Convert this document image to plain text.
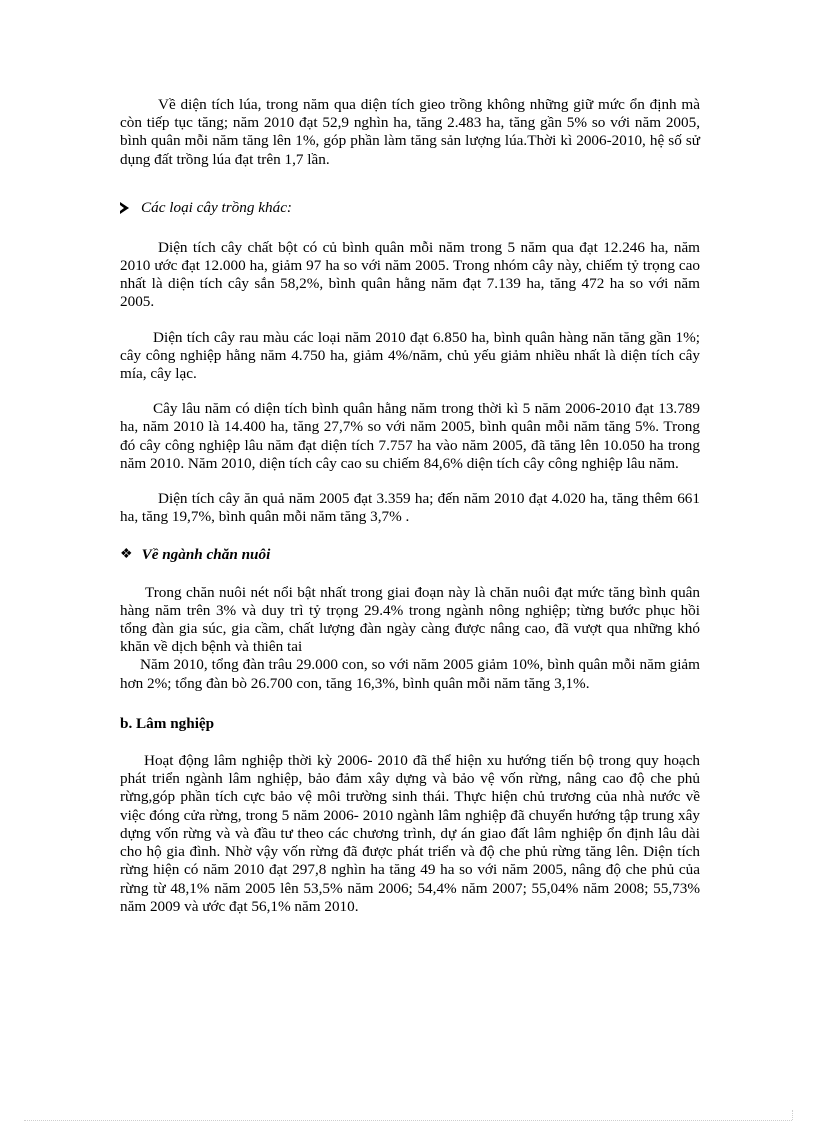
Về diện tích lúa, trong năm qua diện tích gieo trồng không những giữ mức ổn định mà còn tiếp tục tăng; năm 2010 đạt 52,9 nghìn ha, tăng 2.483 ha, tăng gần 5% so với năm 2005, bình quân mỗi năm tăng lên 1%, góp phần làm tăng sản lượng lúa.Thời kì 2006-2010, hệ số sử dụng đất trồng lúa đạt trên 1,7 lần.

Các loại cây trồng khác:

Diện tích cây chất bột có củ bình quân mỗi năm trong 5 năm qua đạt 12.246 ha, năm 2010 ước đạt 12.000 ha, giảm 97 ha so với năm 2005. Trong nhóm cây này, chiếm tỷ trọng cao nhất là diện tích cây sắn 58,2%, bình quân hằng năm đạt 7.139 ha, tăng 472 ha so với năm 2005.

Diện tích cây rau màu các loại năm 2010 đạt 6.850 ha, bình quân hàng năn tăng gần 1%; cây công nghiệp hằng năm 4.750 ha, giảm 4%/năm, chủ yếu giảm nhiều nhất là diện tích cây mía, cây lạc.

Cây lâu năm có diện tích bình quân hằng năm trong thời kì 5 năm 2006-2010 đạt 13.789 ha, năm 2010 là 14.400 ha, tăng 27,7% so với năm 2005, bình quân mỗi năm tăng 5%. Trong đó cây công nghiệp lâu năm đạt diện tích 7.757 ha vào năm 2005, đã tăng lên 10.050 ha trong năm 2010. Năm 2010, diện tích cây cao su chiếm 84,6% diện tích cây công nghiệp lâu năm.

Diện tích cây ăn quả năm 2005 đạt 3.359 ha; đến năm 2010 đạt 4.020 ha, tăng thêm 661 ha, tăng 19,7%, bình quân mỗi năm tăng 3,7% .

❖ Về ngành chăn nuôi

Trong chăn nuôi nét nổi bật nhất trong giai đoạn này là chăn nuôi đạt mức tăng bình quân hàng năm trên 3% và duy trì tỷ trọng 29.4% trong ngành nông nghiệp; từng bước phục hồi tổng đàn gia súc, gia cầm, chất lượng đàn ngày càng được nâng cao, đã vượt qua những khó khăn về dịch bệnh và thiên tai

Năm 2010, tổng đàn trâu 29.000 con, so với năm 2005 giảm 10%, bình quân mỗi năm giảm hơn 2%; tổng đàn bò 26.700 con, tăng 16,3%, bình quân mỗi năm tăng 3,1%.

b. Lâm nghiệp

Hoạt động lâm nghiệp thời kỳ 2006- 2010 đã thể hiện xu hướng tiến bộ trong quy hoạch phát triển ngành lâm nghiệp, bảo đảm xây dựng và bảo vệ vốn rừng, nâng cao độ che phủ rừng,góp phần tích cực bảo vệ môi trường sinh thái. Thực hiện chủ trương của nhà nước về việc đóng cửa rừng, trong 5 năm 2006- 2010 ngành lâm nghiệp đã chuyển hướng tập trung xây dựng vốn rừng và và đầu tư theo các chương trình, dự án giao đất lâm nghiệp ổn định lâu dài cho hộ gia đình. Nhờ vậy vốn rừng đã được phát triển và độ che phủ rừng tăng lên. Diện tích rừng hiện có năm 2010 đạt 297,8 nghìn ha tăng 49 ha so với năm 2005, nâng độ che phủ của rừng từ 48,1% năm 2005 lên 53,5% năm 2006; 54,4% năm 2007; 55,04% năm 2008; 55,73% năm 2009 và ước đạt 56,1% năm 2010.
